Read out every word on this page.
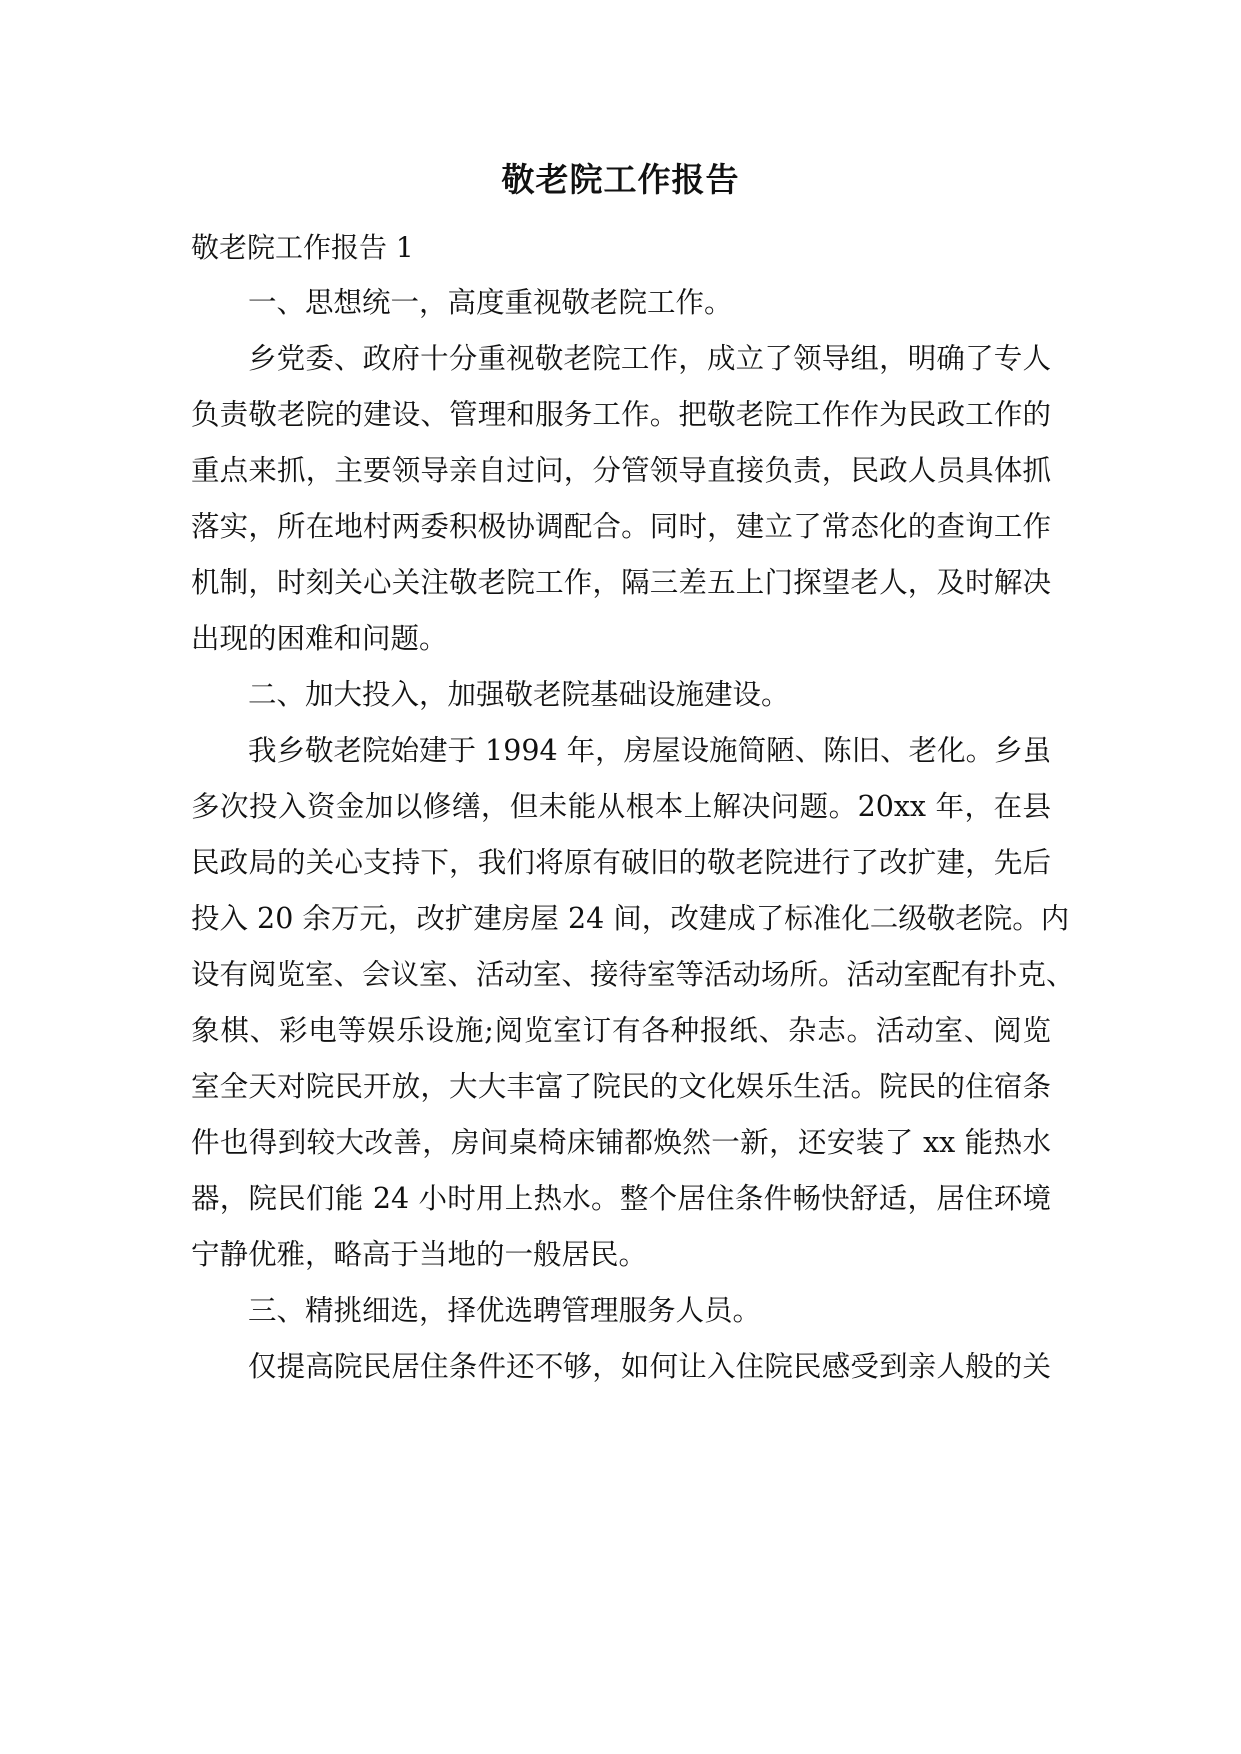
敬老院工作报告
敬老院工作报告 1
一、思想统一，高度重视敬老院工作。
乡党委、政府十分重视敬老院工作，成立了领导组，明确了专人
负责敬老院的建设、管理和服务工作。把敬老院工作作为民政工作的
重点来抓，主要领导亲自过问，分管领导直接负责，民政人员具体抓
落实，所在地村两委积极协调配合。同时，建立了常态化的查询工作
机制，时刻关心关注敬老院工作，隔三差五上门探望老人，及时解决
出现的困难和问题。
二、加大投入，加强敬老院基础设施建设。
我乡敬老院始建于 1994 年，房屋设施简陋、陈旧、老化。乡虽
多次投入资金加以修缮，但未能从根本上解决问题。20xx 年，在县
民政局的关心支持下，我们将原有破旧的敬老院进行了改扩建，先后
投入 20 余万元，改扩建房屋 24 间，改建成了标准化二级敬老院。内
设有阅览室、会议室、活动室、接待室等活动场所。活动室配有扑克、
象棋、彩电等娱乐设施;阅览室订有各种报纸、杂志。活动室、阅览
室全天对院民开放，大大丰富了院民的文化娱乐生活。院民的住宿条
件也得到较大改善，房间桌椅床铺都焕然一新，还安装了 xx 能热水
器，院民们能 24 小时用上热水。整个居住条件畅快舒适，居住环境
宁静优雅，略高于当地的一般居民。
三、精挑细选，择优选聘管理服务人员。
仅提高院民居住条件还不够，如何让入住院民感受到亲人般的关
